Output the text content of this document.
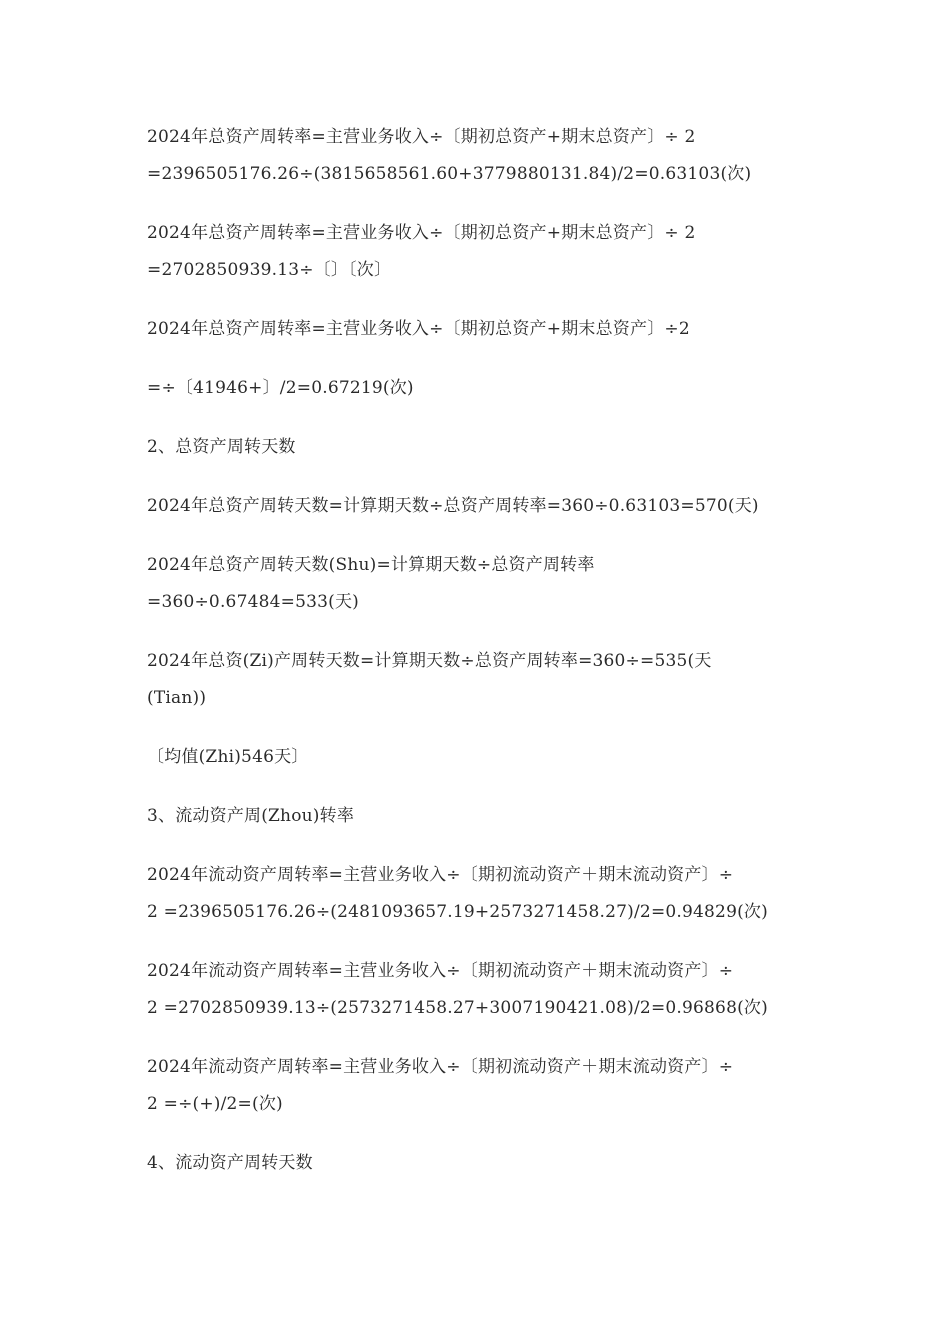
2024年总资产周转率=主营业务收入÷〔期初总资产+期末总资产〕÷ 2
=2396505176.26÷(3815658561.60+3779880131.84)/2=0.63103(次)
2024年总资产周转率=主营业务收入÷〔期初总资产+期末总资产〕÷ 2
=2702850939.13÷〔〕〔次〕
2024年总资产周转率=主营业务收入÷〔期初总资产+期末总资产〕÷2
=÷〔41946+〕/2=0.67219(次)
2、总资产周转天数
2024年总资产周转天数=计算期天数÷总资产周转率=360÷0.63103=570(天)
2024年总资产周转天数(Shu)=计算期天数÷总资产周转率
=360÷0.67484=533(天)
2024年总资(Zi)产周转天数=计算期天数÷总资产周转率=360÷=535(天
(Tian))
〔均值(Zhi)546天〕
3、流动资产周(Zhou)转率
2024年流动资产周转率=主营业务收入÷〔期初流动资产＋期末流动资产〕÷
2 =2396505176.26÷(2481093657.19+2573271458.27)/2=0.94829(次)
2024年流动资产周转率=主营业务收入÷〔期初流动资产＋期末流动资产〕÷
2 =2702850939.13÷(2573271458.27+3007190421.08)/2=0.96868(次)
2024年流动资产周转率=主营业务收入÷〔期初流动资产＋期末流动资产〕÷
2 =÷(+)/2=(次)
4、流动资产周转天数
